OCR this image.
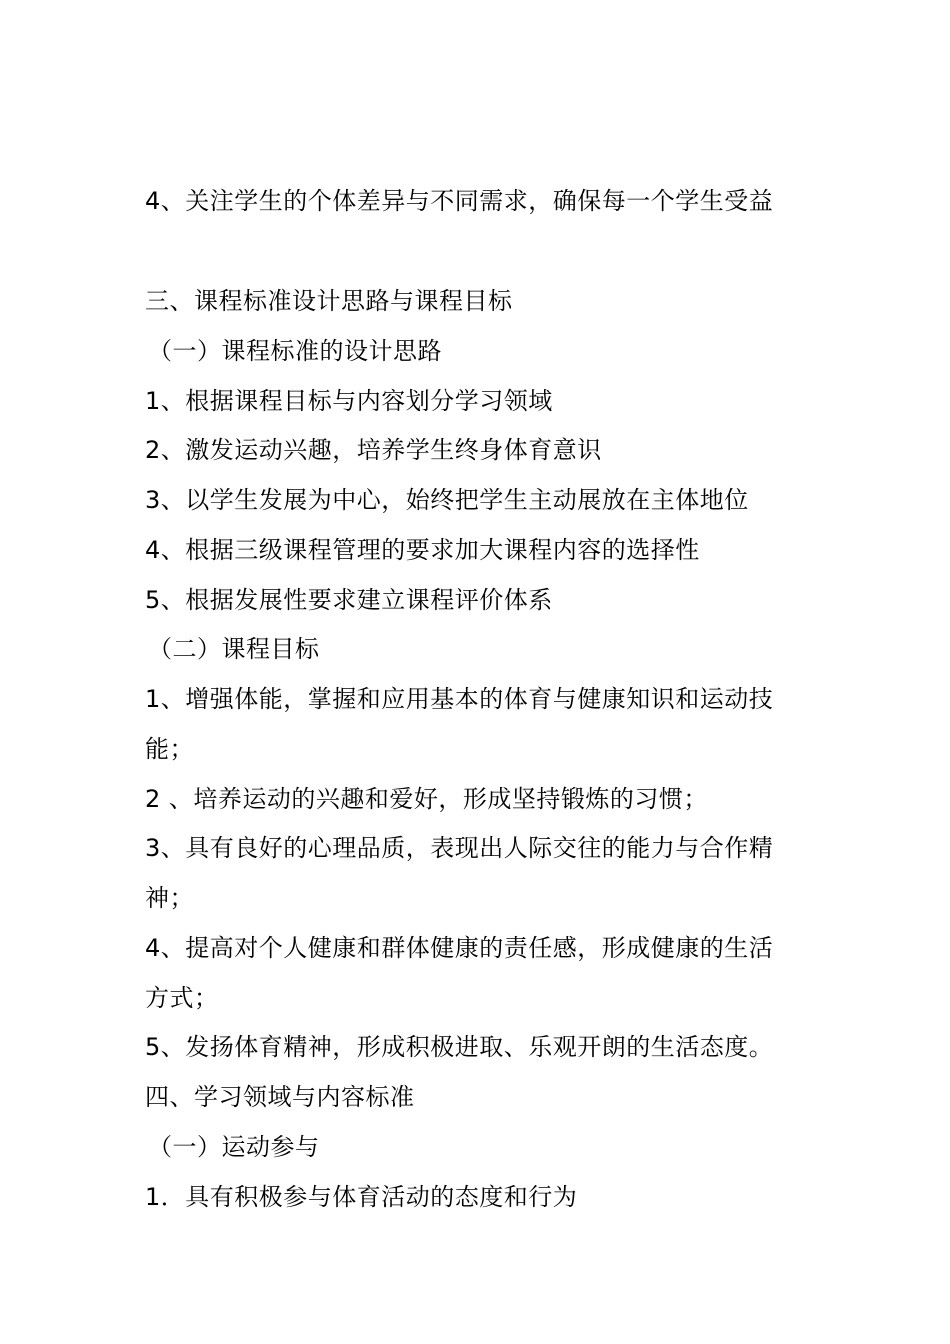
4、关注学生的个体差异与不同需求，确保每一个学生受益
三、课程标准设计思路与课程目标
（一）课程标准的设计思路
1、根据课程目标与内容划分学习领域
2、激发运动兴趣，培养学生终身体育意识
3、以学生发展为中心，始终把学生主动展放在主体地位
4、根据三级课程管理的要求加大课程内容的选择性
5、根据发展性要求建立课程评价体系
（二）课程目标
1、增强体能，掌握和应用基本的体育与健康知识和运动技
能；
2 、培养运动的兴趣和爱好，形成坚持锻炼的习惯；
3、具有良好的心理品质，表现出人际交往的能力与合作精
神；
4、提高对个人健康和群体健康的责任感，形成健康的生活
方式；
5、发扬体育精神，形成积极进取、乐观开朗的生活态度。
四、学习领域与内容标准
（一）运动参与
1．具有积极参与体育活动的态度和行为
